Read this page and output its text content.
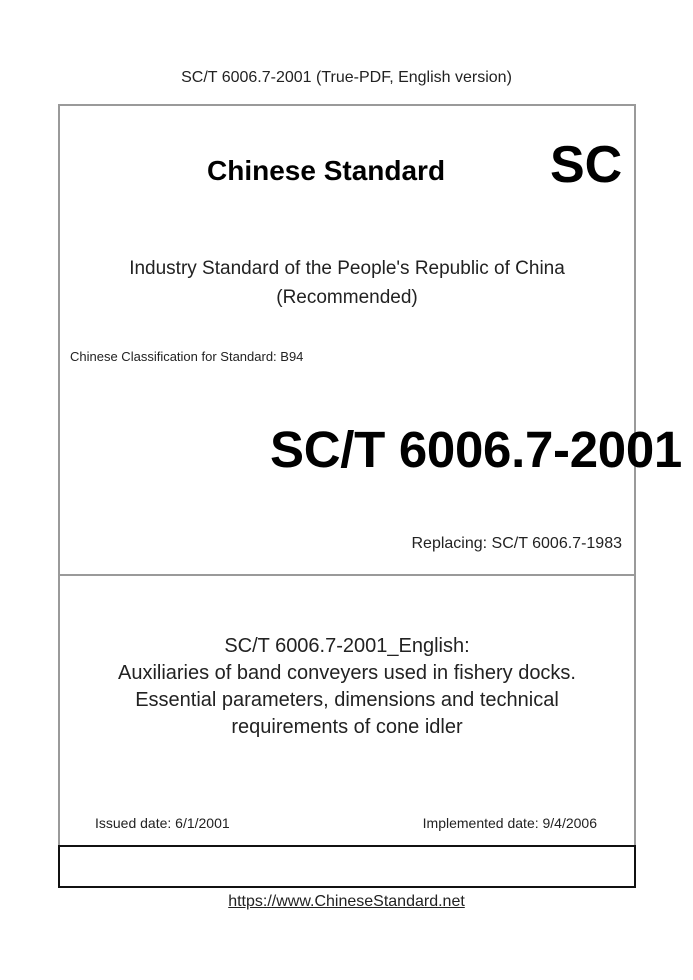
SC/T 6006.7-2001 (True-PDF, English version)
Chinese Standard SC
Industry Standard of the People's Republic of China
(Recommended)
Chinese Classification for Standard: B94
SC/T 6006.7-2001
Replacing: SC/T 6006.7-1983
SC/T 6006.7-2001_English:
Auxiliaries of band conveyers used in fishery docks.
Essential parameters, dimensions and technical
requirements of cone idler
Issued date: 6/1/2001	Implemented date: 9/4/2006
https://www.ChineseStandard.net
